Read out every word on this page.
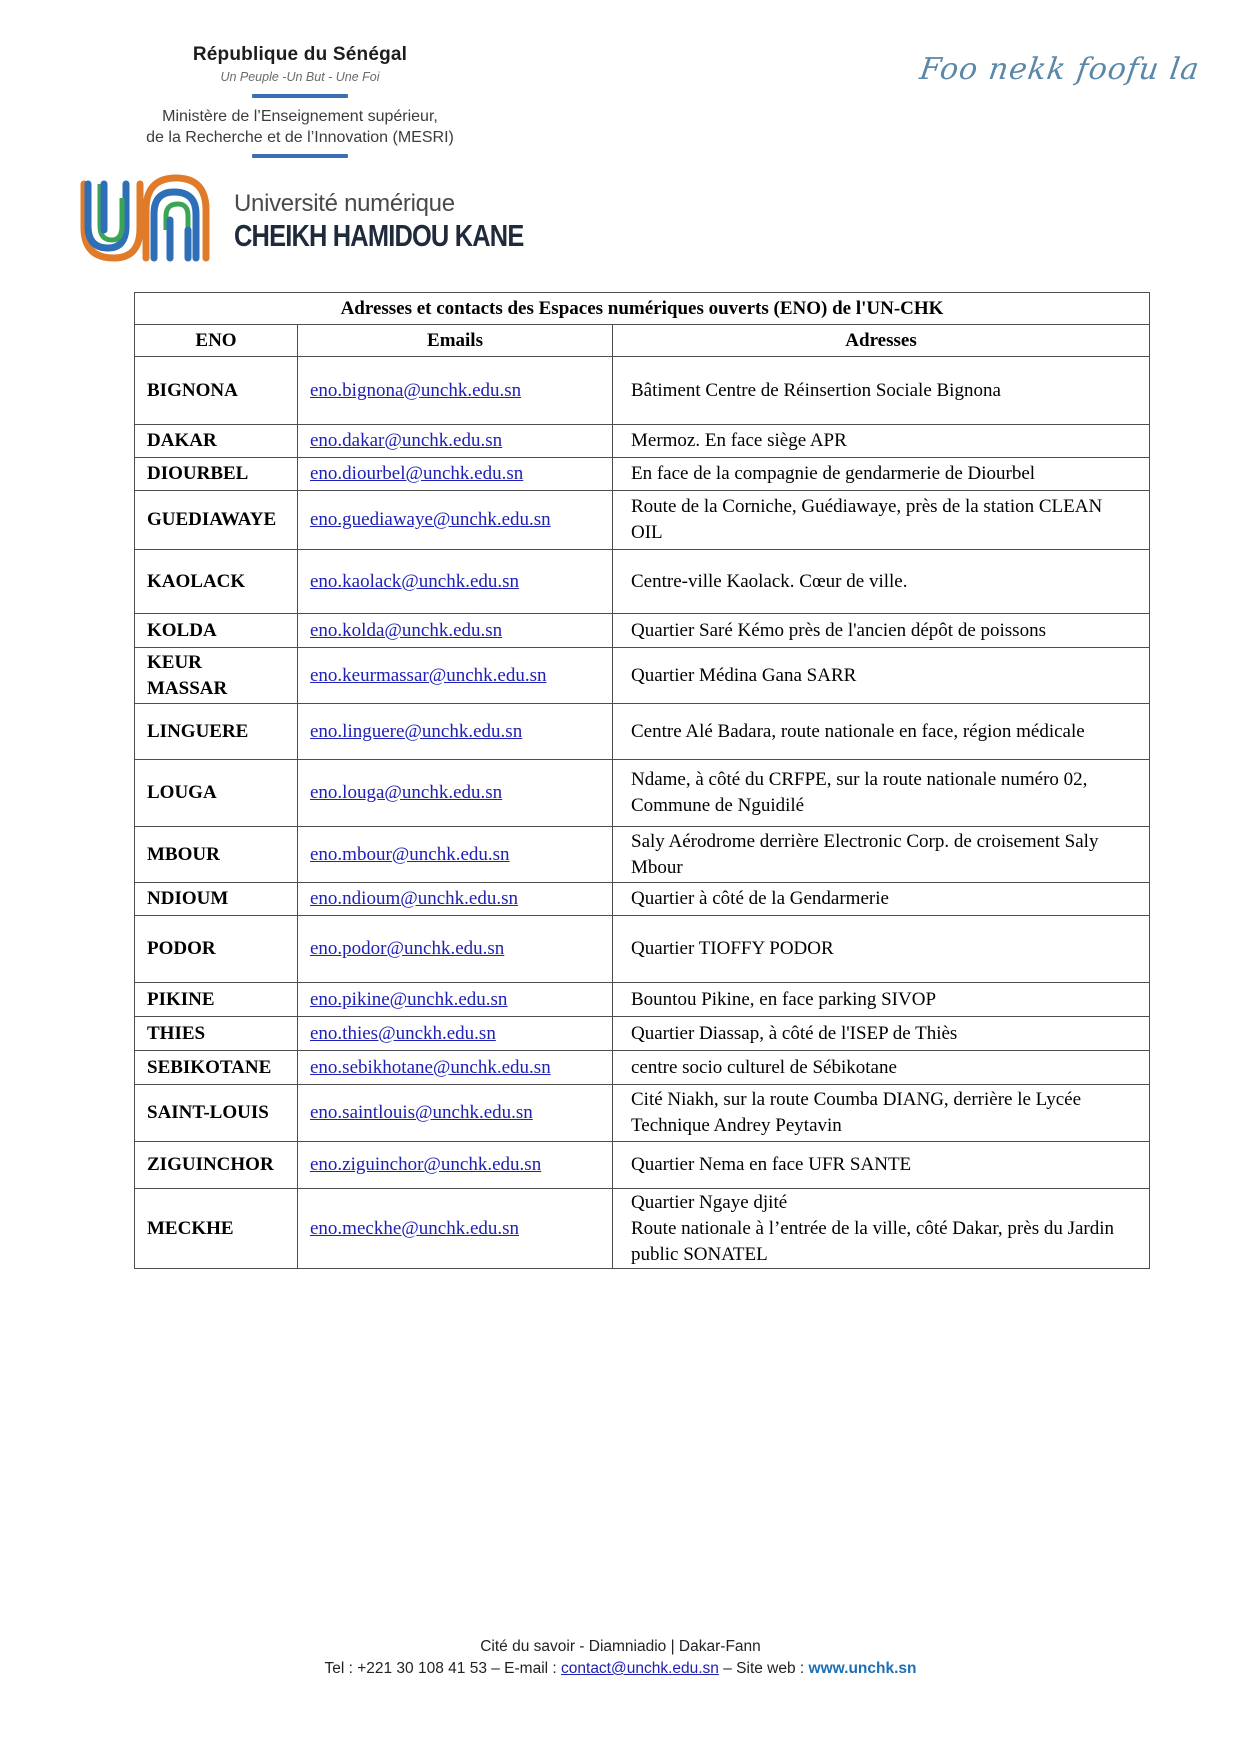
République du Sénégal
Un Peuple -Un But - Une Foi
Ministère de l’Enseignement supérieur,
de la Recherche et de l’Innovation (MESRI)
Université numérique
CHEIKH HAMIDOU KANE
Foo nekk foofu la
Adresses et contacts des Espaces numériques ouverts (ENO) de l'UN-CHK		
ENO	Emails	Adresses
BIGNONA	eno.bignona@unchk.edu.sn	Bâtiment Centre de Réinsertion Sociale Bignona

DAKAR	eno.dakar@unchk.edu.sn	Mermoz. En face siège APR

DIOURBEL	eno.diourbel@unchk.edu.sn	En face de la compagnie de gendarmerie de Diourbel

GUEDIAWAYE	eno.guediawaye@unchk.edu.sn	Route de la Corniche, Guédiawaye, près de la station CLEAN OIL

KAOLACK	eno.kaolack@unchk.edu.sn	Centre-ville Kaolack. Cœur de ville.

KOLDA	eno.kolda@unchk.edu.sn	Quartier Saré Kémo près de l'ancien dépôt de poissons

KEUR MASSAR	eno.keurmassar@unchk.edu.sn	Quartier Médina Gana SARR

LINGUERE	eno.linguere@unchk.edu.sn	Centre Alé Badara, route nationale en face, région médicale

LOUGA	eno.louga@unchk.edu.sn	Ndame, à côté du CRFPE, sur la route nationale numéro 02, Commune de Nguidilé

MBOUR	eno.mbour@unchk.edu.sn	Saly Aérodrome derrière Electronic Corp. de croisement Saly Mbour

NDIOUM	eno.ndioum@unchk.edu.sn	Quartier à côté de la Gendarmerie

PODOR	eno.podor@unchk.edu.sn	Quartier TIOFFY PODOR

PIKINE	eno.pikine@unchk.edu.sn	Bountou Pikine, en face parking SIVOP

THIES	eno.thies@unckh.edu.sn	Quartier Diassap, à côté de l'ISEP de Thiès

SEBIKOTANE	eno.sebikhotane@unchk.edu.sn	centre socio culturel de Sébikotane

SAINT-LOUIS	eno.saintlouis@unchk.edu.sn	Cité Niakh, sur la route Coumba DIANG, derrière le Lycée Technique Andrey Peytavin

ZIGUINCHOR	eno.ziguinchor@unchk.edu.sn	Quartier Nema en face UFR SANTE

MECKHE	eno.meckhe@unchk.edu.sn	Quartier Ngaye djité
Route nationale à l’entrée de la ville, côté Dakar, près du Jardin public SONATEL
Cité du savoir - Diamniadio | Dakar-Fann
Tel : +221 30 108 41 53 – E-mail : contact@unchk.edu.sn – Site web : www.unchk.sn
